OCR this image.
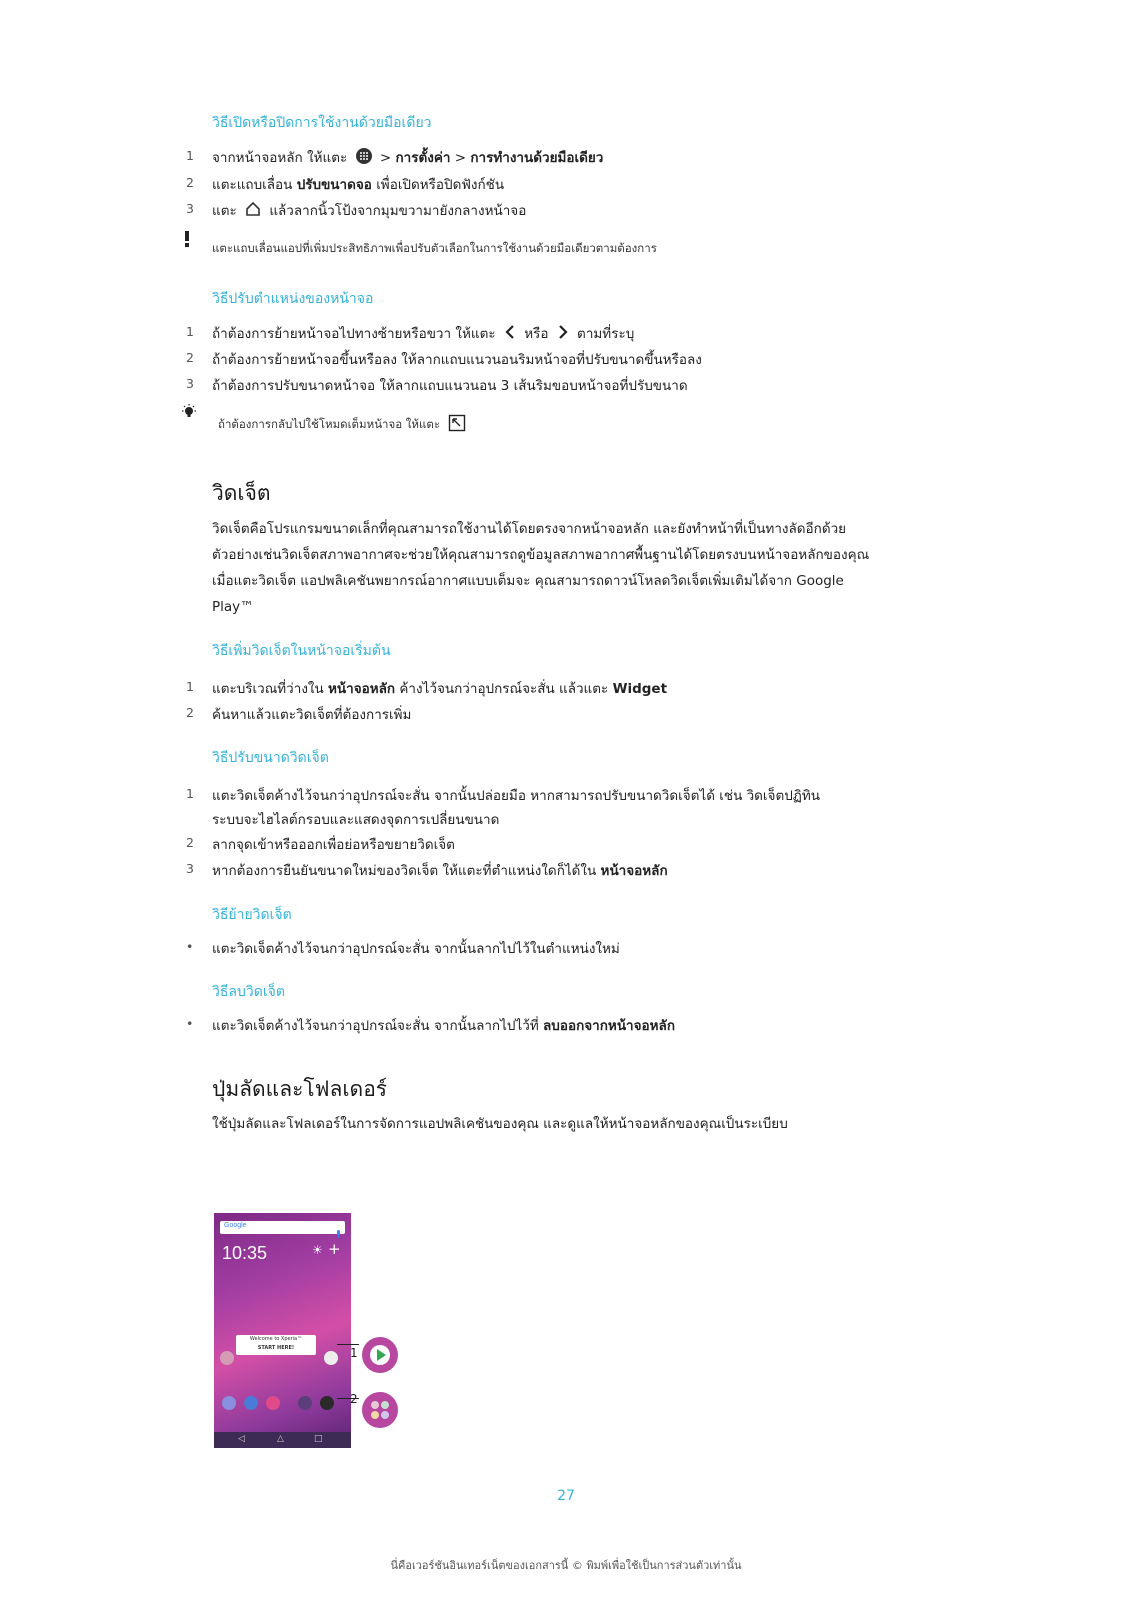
วิธีเปิดหรือปิดการใช้งานด้วยมือเดียว
1 จากหน้าจอหลัก ให้แตะ > การตั้งค่า > การทำงานด้วยมือเดียว
2 แตะแถบเลื่อน ปรับขนาดจอ เพื่อเปิดหรือปิดฟังก์ชัน
3 แตะ แล้วลากนิ้วโป้งจากมุมขวามายังกลางหน้าจอ
แตะแถบเลื่อนแอปที่เพิ่มประสิทธิภาพเพื่อปรับตัวเลือกในการใช้งานด้วยมือเดียวตามต้องการ
วิธีปรับตำแหน่งของหน้าจอ
1 ถ้าต้องการย้ายหน้าจอไปทางซ้ายหรือขวา ให้แตะ หรือ ตามที่ระบุ
2 ถ้าต้องการย้ายหน้าจอขึ้นหรือลง ให้ลากแถบแนวนอนริมหน้าจอที่ปรับขนาดขึ้นหรือลง
3 ถ้าต้องการปรับขนาดหน้าจอ ให้ลากแถบแนวนอน 3 เส้นริมขอบหน้าจอที่ปรับขนาด
ถ้าต้องการกลับไปใช้โหมดเต็มหน้าจอ ให้แตะ
วิดเจ็ต
วิดเจ็ตคือโปรแกรมขนาดเล็กที่คุณสามารถใช้งานได้โดยตรงจากหน้าจอหลัก และยังทำหน้าที่เป็นทางลัดอีกด้วย
ตัวอย่างเช่นวิดเจ็ตสภาพอากาศจะช่วยให้คุณสามารถดูข้อมูลสภาพอากาศพื้นฐานได้โดยตรงบนหน้าจอหลักของคุณ
เมื่อแตะวิดเจ็ต แอปพลิเคชันพยากรณ์อากาศแบบเต็มจะ คุณสามารถดาวน์โหลดวิดเจ็ตเพิ่มเติมได้จาก Google
Play™
วิธีเพิ่มวิดเจ็ตในหน้าจอเริ่มต้น
1 แตะบริเวณที่ว่างใน หน้าจอหลัก ค้างไว้จนกว่าอุปกรณ์จะสั่น แล้วแตะ Widget
2 ค้นหาแล้วแตะวิดเจ็ตที่ต้องการเพิ่ม
วิธีปรับขนาดวิดเจ็ต
1 แตะวิดเจ็ตค้างไว้จนกว่าอุปกรณ์จะสั่น จากนั้นปล่อยมือ หากสามารถปรับขนาดวิดเจ็ตได้ เช่น วิดเจ็ตปฏิทิน
ระบบจะไฮไลต์กรอบและแสดงจุดการเปลี่ยนขนาด
2 ลากจุดเข้าหรือออกเพื่อย่อหรือขยายวิดเจ็ต
3 หากต้องการยืนยันขนาดใหม่ของวิดเจ็ต ให้แตะที่ตำแหน่งใดก็ได้ใน หน้าจอหลัก
วิธีย้ายวิดเจ็ต
• แตะวิดเจ็ตค้างไว้จนกว่าอุปกรณ์จะสั่น จากนั้นลากไปไว้ในตำแหน่งใหม่
วิธีลบวิดเจ็ต
• แตะวิดเจ็ตค้างไว้จนกว่าอุปกรณ์จะสั่น จากนั้นลากไปไว้ที่ ลบออกจากหน้าจอหลัก
ปุ่มลัดและโฟลเดอร์
ใช้ปุ่มลัดและโฟลเดอร์ในการจัดการแอปพลิเคชันของคุณ และดูแลให้หน้าจอหลักของคุณเป็นระเบียบ
Google
10:35	☀ +
Welcome to Xperia™
START HERE!
◁	△	□
1
2
27
นี่คือเวอร์ชันอินเทอร์เน็ตของเอกสารนี้ © พิมพ์เพื่อใช้เป็นการส่วนตัวเท่านั้น
